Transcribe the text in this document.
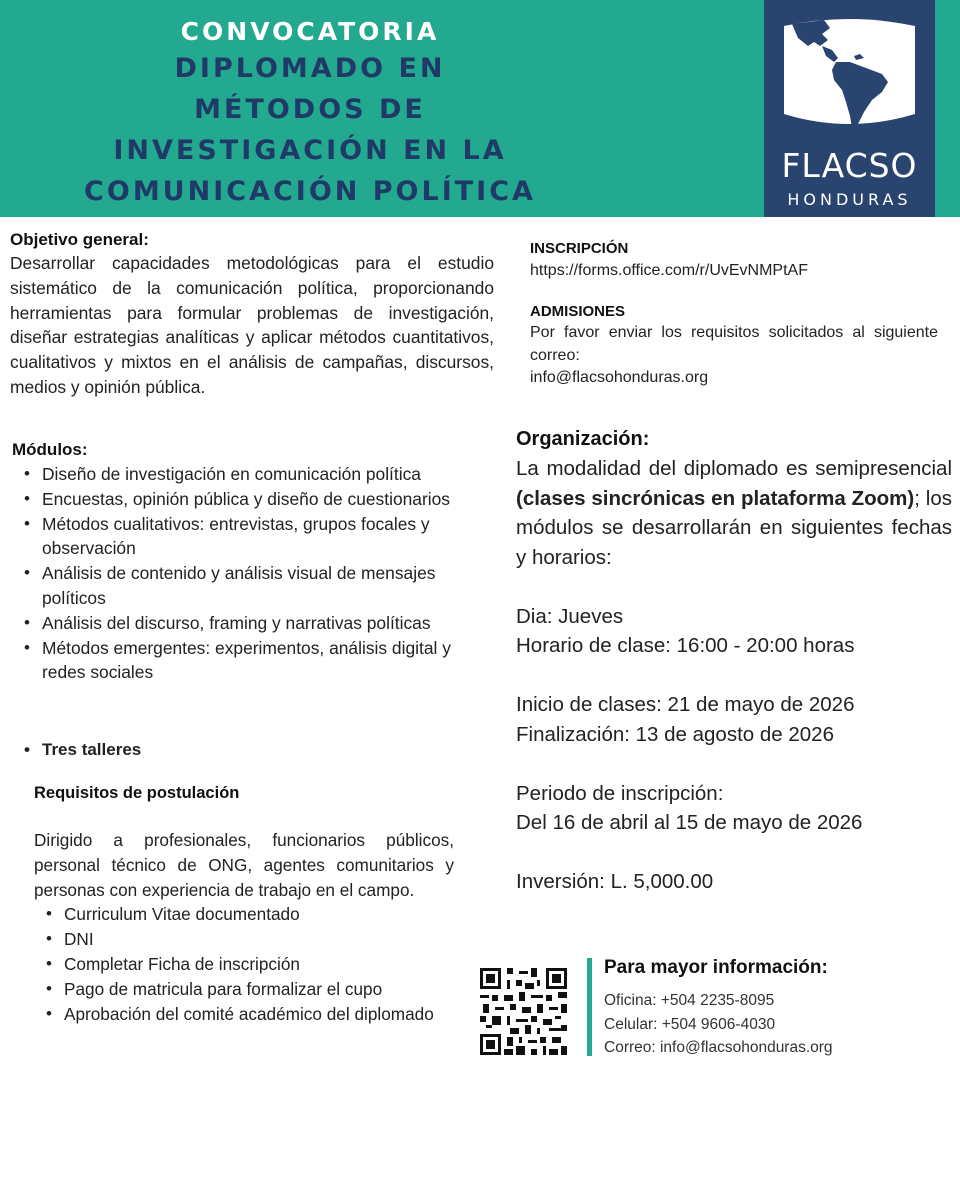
CONVOCATORIA
DIPLOMADO EN
MÉTODOS DE
INVESTIGACIÓN EN LA
COMUNICACIÓN POLÍTICA
FLACSO
HONDURAS
Objetivo general:

Desarrollar capacidades metodológicas para el estudio sistemático de la comunicación política, proporcionando herramientas para formular problemas de investigación, diseñar estrategias analíticas y aplicar métodos cuantitativos, cualitativos y mixtos en el análisis de campañas, discursos, medios y opinión pública.

Módulos:
• Diseño de investigación en comunicación política
• Encuestas, opinión pública y diseño de cuestionarios
• Métodos cualitativos: entrevistas, grupos focales y observación
• Análisis de contenido y análisis visual de mensajes políticos
• Análisis del discurso, framing y narrativas políticas
• Métodos emergentes: experimentos, análisis digital y redes sociales
• Tres talleres
Requisitos de postulación

Dirigido a profesionales, funcionarios públicos, personal técnico de ONG, agentes comunitarios y personas con experiencia de trabajo en el campo.

• Curriculum Vitae documentado
• DNI
• Completar Ficha de inscripción
• Pago de matricula para formalizar el cupo
• Aprobación del comité académico del diplomado
INSCRIPCIÓN
https://forms.office.com/r/UvEvNMPtAF
ADMISIONES

Por favor enviar los requisitos solicitados al siguiente correo:

info@flacsohonduras.org

Organización:
La modalidad del diplomado es semipresencial (clases sincrónicas en plataforma Zoom); los módulos se desarrollarán en siguientes fechas y horarios:
Dia: Jueves
Horario de clase: 16:00 - 20:00 horas
Inicio de clases: 21 de mayo de 2026
Finalización: 13 de agosto de 2026
Periodo de inscripción:
Del 16 de abril al 15 de mayo de 2026
Inversión: L. 5,000.00
Para mayor información:
Oficina: +504 2235-8095
Celular: +504 9606-4030
Correo: info@flacsohonduras.org
